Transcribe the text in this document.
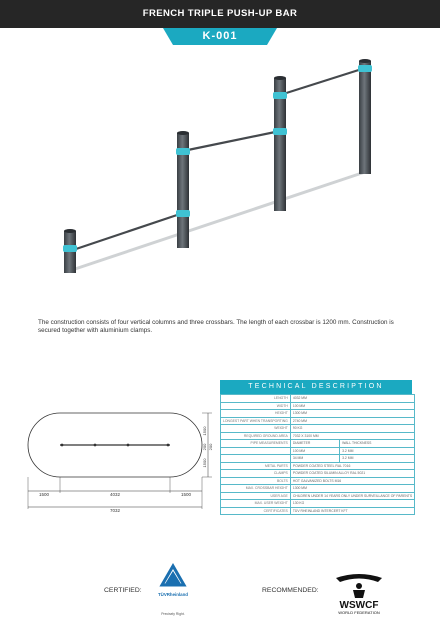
FRENCH TRIPLE PUSH-UP BAR
K-001
The construction consists of four vertical columns and three crossbars. The length of each crossbar is 1200 mm. Construction is secured together with aluminium clamps.
1500	4032	1500
7032
1500
200 200
1500
TECHNICAL DESCRIPTION
LENGTH	4032 MM	
WIDTH	100 MM	
HEIGHT	1300 MM	
LONGEST PART WHEN TRANSPORTING	2740 MM	
WEIGHT	90 KG	
REQUIRED GROUND AREA	7032 X 3100 MM	
PIPE MEASUREMENTS	DIAMETER	WALL THICKNESS
	100 MM	3.2 MM
	34 MM	3.2 MM
METAL PARTS	POWDER COATED STEEL RAL 7016	
CLAMPS	POWDER COATED SILUMIN ALLOY RAL 5021	
BOLTS	HOT GALVANIZED BOLTS M16	
MAX. CROSSBAR HEIGHT	1300 MM	
USER AGE	CHILDREN UNDER 14 YEARS ONLY UNDER SURVEILLANCE OF PARENTS	
MAX. USER WEIGHT	130 KG	
CERTIFICATES	TÜV RHEINLAND INTERCERT KFT	
CERTIFIED:
TÜVRheinland
Precisely Right.
RECOMMENDED:
WSWCF
WORLD FEDERATION
